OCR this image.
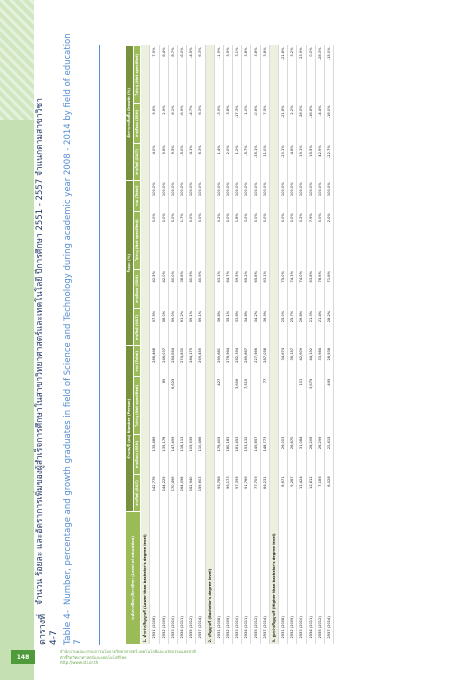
148
สำนักงานคณะกรรมการนโยบายวิทยาศาสตร์ เทคโนโลยีและนวัตกรรมแห่งชาติ
ตัวชี้วัดวิทยาศาสตร์และเทคโนโลยีไทย
http://www.sti.or.th
ตารางที่ 4-7
จำนวน ร้อยละ และอัตราการเพิ่มของผู้สำเร็จการศึกษาในสาขาวิทยาศาสตร์และเทคโนโลยี ปีการศึกษา 2551 - 2557 จำแนกตามสาขาวิชา
Table 4-7
Number, percentage and growth graduates in field of Science and Technology during academic year 2008 - 2014 by field of education	ระดับการศึกษา/ปีการศึกษา (Level of education)	จำนวน/ปี (คน) Number (Person)				ร้อยละ (%)				อัตราการเพิ่มขึ้น Growth (%)		
	สายวิทย์ (S&T)	สายสังคม (SSH)	ไม่ระบุ (Not specified)	รวม (Total)	สายวิทย์ (S&T)	สายสังคม (SSH)	ไม่ระบุ (Not specified)	รวม (Total)	สายวิทย์ (S&T)	สายสังคม (SSH)	ไม่ระบุ (Not specified)
1. ต่ำกว่าปริญญาตรี (Lower than bachelor's degree level)											
2551 (2008)	142,776	135,489		288,468	57.5%	42.5%	0.0%	100.0%	4.0%	9.6%	7.9%
2552 (2009)	144,229	135,178	89	246,037	58.0%	42.0%	0.0%	100.0%	9.6%	2.9%	6.4%
2553 (2010)	170,496	147,499	6,625	284,654	59.0%	40.0%	0.0%	100.0%	9.5%	8.1%	8.7%
2554 (2011)	164,098	118,113		274,830	61.2%	38.8%	1.7%	100.0%	-5.0%	-6.9%	-6.0%
2555 (2012)	162,940	105,939		284,179	59.1%	40.9%	0.0%	100.0%	4.1%	-4.7%	-4.5%
2557 (2014)	159,603	110,466		269,459	59.1%	40.9%	0.0%	100.0%	6.3%	6.3%	6.3%
2. ปริญญาตรี (Bachelor's degree level)											
2551 (2008)	95,788	176,405	427	269,681	36.8%	63.1%	0.2%	100.0%	1.4%	-3.9%	-1.9%
2552 (2009)	96,173	180,183		276,964	35.1%	64.7%	0.0%	100.0%	2.0%	3.8%	3.5%
2553 (2010)	97,395	181,453	3,606	282,394	33.8%	59.5%	1.8%	100.0%	1.2%	-17.3%	3.1%
2554 (2011)	91,766	193,132	7,519	289,867	34.8%	65.2%	3.0%	100.0%	-5.7%	1.0%	3.8%
2555 (2012)	77,709	149,857		227,566	34.2%	65.8%	0.0%	100.0%	-35.1%	-0.6%	3.8%
2557 (2014)	84,231	148,773	77	287,058	36.9%	63.1%	0.0%	100.0%	11.0%	7.5%	3.8%
3. สูงกว่าปริญญาตรี (Higher than bachelor's degree level)											
2551 (2008)	8,671	26,003		34,674	25.0%	75.0%	0.0%	100.0%	-20.1%	-21.6%	-21.8%
2552 (2009)	9,287	26,870		36,157	25.7%	74.3%	0.0%	100.0%	4.6%	2.2%	3.2%
2553 (2010)	11,424	31,084	101	42,609	26.8%	74.0%	0.2%	100.0%	19.1%	28.0%	23.9%
2554 (2011)	12,812	28,206	3,675	44,192	21.3%	63.8%	7.9%	100.0%	15.5%	-16.6%	0.0%
2555 (2012)	7,185	26,299		33,984	21.4%	78.6%	0.0%	100.0%	42.9%	-4.4%	-28.3%
2557 (2014)	8,028	22,415	495	28,938	28.2%	71.8%	2.0%	100.0%	-22.7%	-16.0%	-15.0%
